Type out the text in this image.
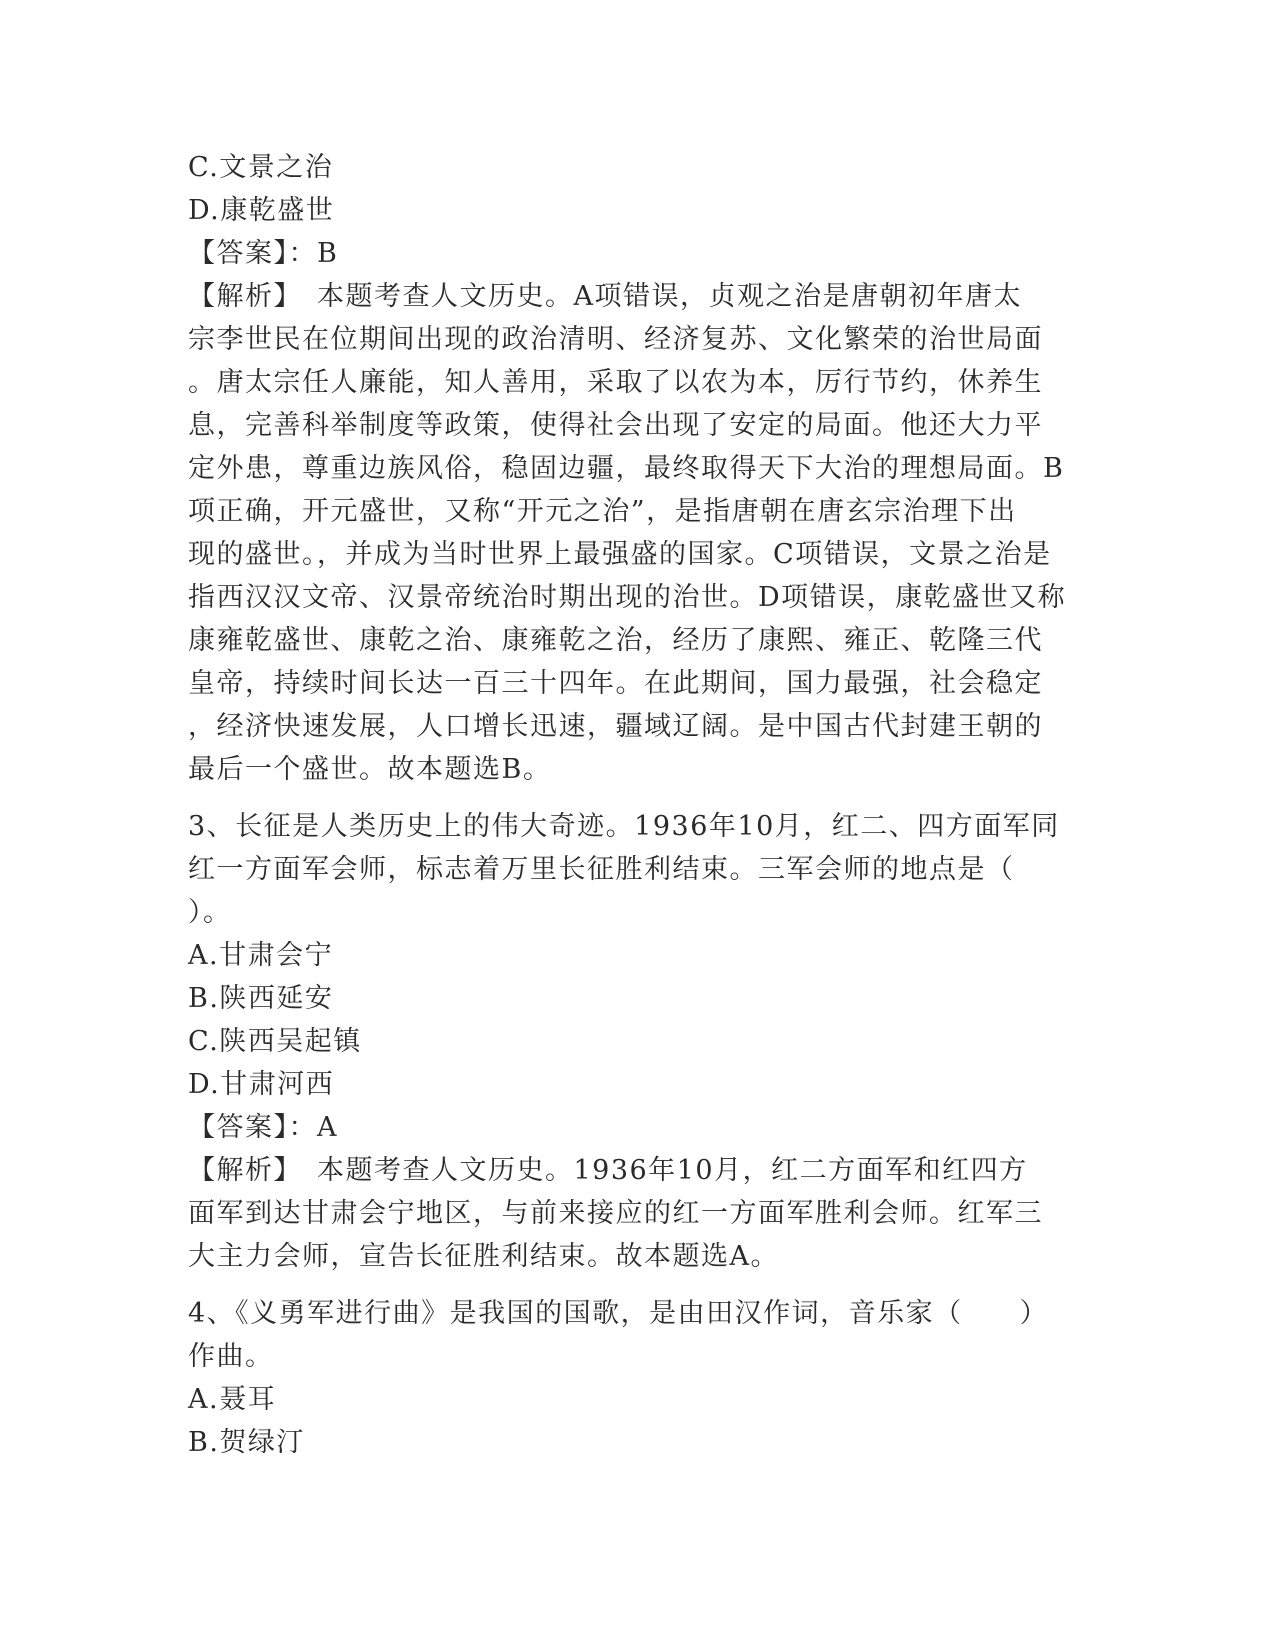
C.文景之治
D.康乾盛世
【答案】：B
【解析】　本题考查人文历史。A项错误，贞观之治是唐朝初年唐太
宗李世民在位期间出现的政治清明、经济复苏、文化繁荣的治世局面
。唐太宗任人廉能，知人善用，采取了以农为本，厉行节约，休养生
息，完善科举制度等政策，使得社会出现了安定的局面。他还大力平
定外患，尊重边族风俗，稳固边疆，最终取得天下大治的理想局面。B
项正确，开元盛世，又称“开元之治”，是指唐朝在唐玄宗治理下出
现的盛世。，并成为当时世界上最强盛的国家。C项错误，文景之治是
指西汉汉文帝、汉景帝统治时期出现的治世。D项错误，康乾盛世又称
康雍乾盛世、康乾之治、康雍乾之治，经历了康熙、雍正、乾隆三代
皇帝，持续时间长达一百三十四年。在此期间，国力最强，社会稳定
，经济快速发展，人口增长迅速，疆域辽阔。是中国古代封建王朝的
最后一个盛世。故本题选B。
3、长征是人类历史上的伟大奇迹。1936年10月，红二、四方面军同
红一方面军会师，标志着万里长征胜利结束。三军会师的地点是（
）。
A.甘肃会宁
B.陕西延安
C.陕西吴起镇
D.甘肃河西
【答案】：A
【解析】　本题考查人文历史。1936年10月，红二方面军和红四方
面军到达甘肃会宁地区，与前来接应的红一方面军胜利会师。红军三
大主力会师，宣告长征胜利结束。故本题选A。
4、《义勇军进行曲》是我国的国歌，是由田汉作词，音乐家（　　）
作曲。
A.聂耳
B.贺绿汀
